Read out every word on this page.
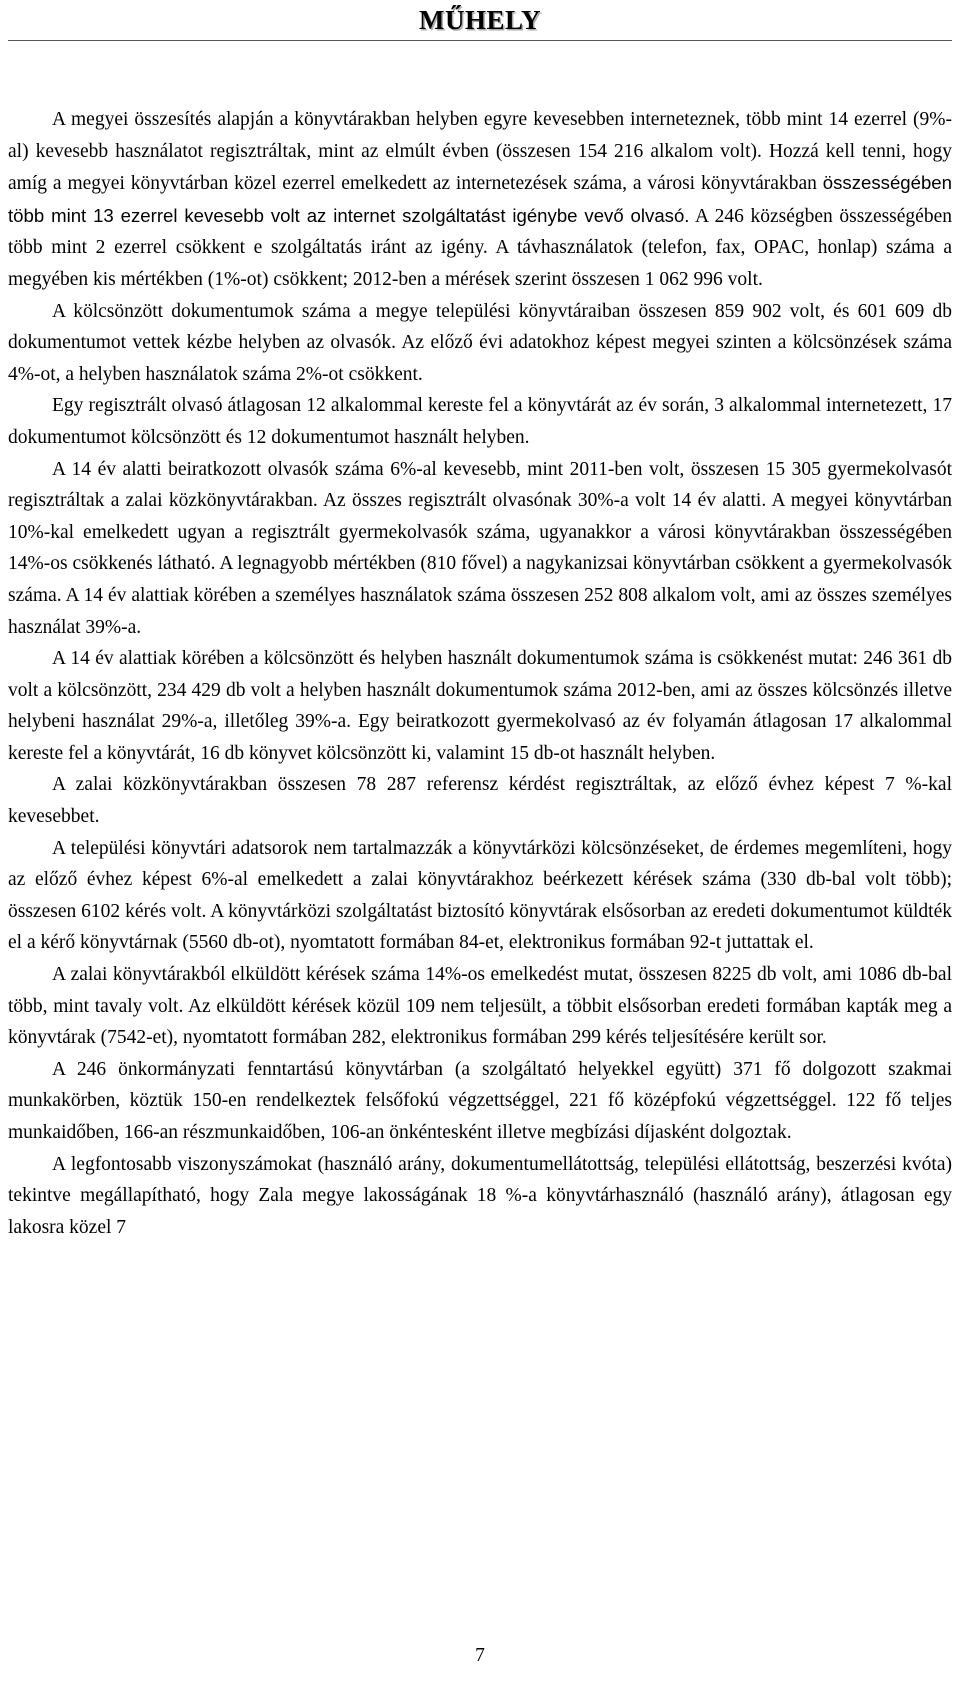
MŰHELY

A megyei összesítés alapján a könyvtárakban helyben egyre kevesebben interneteznek, több mint 14 ezerrel (9%-al) kevesebb használatot regisztráltak, mint az elmúlt évben (összesen 154 216 alkalom volt). Hozzá kell tenni, hogy amíg a megyei könyvtárban közel ezerrel emelkedett az internetezések száma, a városi könyvtárakban összességében több mint 13 ezerrel kevesebb volt az internet szolgáltatást igénybe vevő olvasó. A 246 községben összességében több mint 2 ezerrel csökkent e szolgáltatás iránt az igény. A távhasználatok (telefon, fax, OPAC, honlap) száma a megyében kis mértékben (1%-ot) csökkent; 2012-ben a mérések szerint összesen 1 062 996 volt.

A kölcsönzött dokumentumok száma a megye települési könyvtáraiban összesen 859 902 volt, és 601 609 db dokumentumot vettek kézbe helyben az olvasók. Az előző évi adatokhoz képest megyei szinten a kölcsönzések száma 4%-ot, a helyben használatok száma 2%-ot csökkent.

Egy regisztrált olvasó átlagosan 12 alkalommal kereste fel a könyvtárát az év során, 3 alkalommal internetezett, 17 dokumentumot kölcsönzött és 12 dokumentumot használt helyben.

A 14 év alatti beiratkozott olvasók száma 6%-al kevesebb, mint 2011-ben volt, összesen 15 305 gyermekolvasót regisztráltak a zalai közkönyvtárakban. Az összes regisztrált olvasónak 30%-a volt 14 év alatti. A megyei könyvtárban 10%-kal emelkedett ugyan a regisztrált gyermekolvasók száma, ugyanakkor a városi könyvtárakban összességében 14%-os csökkenés látható. A legnagyobb mértékben (810 fővel) a nagykanizsai könyvtárban csökkent a gyermekolvasók száma. A 14 év alattiak körében a személyes használatok száma összesen 252 808 alkalom volt, ami az összes személyes használat 39%-a.

A 14 év alattiak körében a kölcsönzött és helyben használt dokumentumok száma is csökkenést mutat: 246 361 db volt a kölcsönzött, 234 429 db volt a helyben használt dokumentumok száma 2012-ben, ami az összes kölcsönzés illetve helybeni használat 29%-a, illetőleg 39%-a. Egy beiratkozott gyermekolvasó az év folyamán átlagosan 17 alkalommal kereste fel a könyvtárát, 16 db könyvet kölcsönzött ki, valamint 15 db-ot használt helyben.

A zalai közkönyvtárakban összesen 78 287 referensz kérdést regisztráltak, az előző évhez képest 7 %-kal kevesebbet.

A települési könyvtári adatsorok nem tartalmazzák a könyvtárközi kölcsönzéseket, de érdemes megemlíteni, hogy az előző évhez képest 6%-al emelkedett a zalai könyvtárakhoz beérkezett kérések száma (330 db-bal volt több); összesen 6102 kérés volt. A könyvtárközi szolgáltatást biztosító könyvtárak elsősorban az eredeti dokumentumot küldték el a kérő könyvtárnak (5560 db-ot), nyomtatott formában 84-et, elektronikus formában 92-t juttattak el.

A zalai könyvtárakból elküldött kérések száma 14%-os emelkedést mutat, összesen 8225 db volt, ami 1086 db-bal több, mint tavaly volt. Az elküldött kérések közül 109 nem teljesült, a többit elsősorban eredeti formában kapták meg a könyvtárak (7542-et), nyomtatott formában 282, elektronikus formában 299 kérés teljesítésére került sor.

A 246 önkormányzati fenntartású könyvtárban (a szolgáltató helyekkel együtt) 371 fő dolgozott szakmai munkakörben, köztük 150-en rendelkeztek felsőfokú végzettséggel, 221 fő középfokú végzettséggel. 122 fő teljes munkaidőben, 166-an részmunkaidőben, 106-an önkéntesként illetve megbízási díjasként dolgoztak.

A legfontosabb viszonyszámokat (használó arány, dokumentumellátottság, települési ellátottság, beszerzési kvóta) tekintve megállapítható, hogy Zala megye lakosságának 18 %-a könyvtárhasználó (használó arány), átlagosan egy lakosra közel 7

7
